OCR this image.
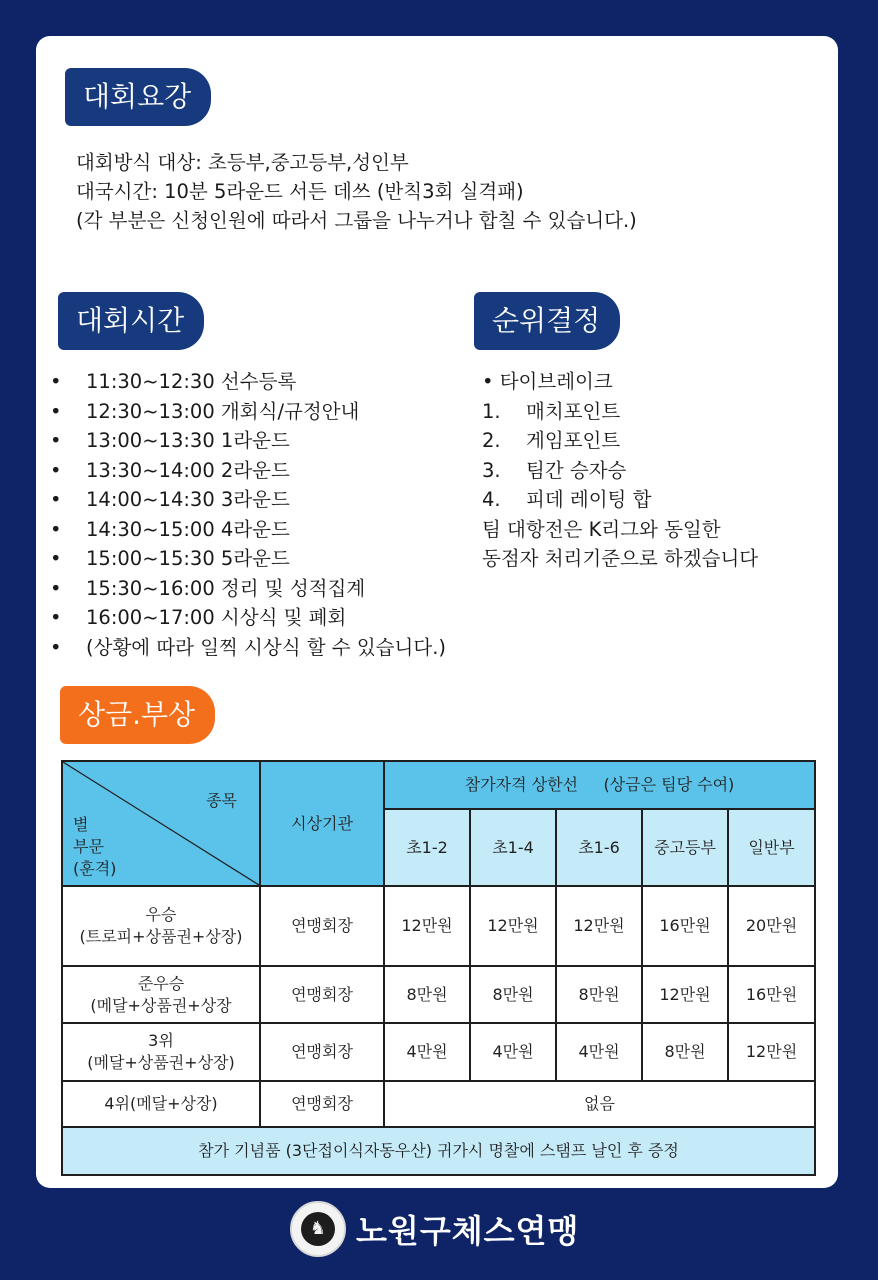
대회요강
대회방식 대상: 초등부,중고등부,성인부
대국시간: 10분 5라운드 서든 데쓰 (반칙3회 실격패)
(각 부분은 신청인원에 따라서 그룹을 나누거나 합칠 수 있습니다.)
대회시간
• 11:30~12:30 선수등록
• 12:30~13:00 개회식/규정안내
• 13:00~13:30 1라운드
• 13:30~14:00 2라운드
• 14:00~14:30 3라운드
• 14:30~15:00 4라운드
• 15:00~15:30 5라운드
• 15:30~16:00 정리 및 성적집계
• 16:00~17:00 시상식 및 폐회
• (상황에 따라 일찍 시상식 할 수 있습니다.)
순위결정
• 타이브레이크
1. 매치포인트
2. 게임포인트
3. 팀간 승자승
4. 피데 레이팅 합
팀 대항전은 K리그와 동일한
동점자 처리기준으로 하겠습니다
상금.부상
종목
별
부문
(훈격)	시상기관	참가자격 상한선     (상금은 팀당 수여)				
		초1-2	초1-4	초1-6	중고등부	일반부
우승
(트로피+상품권+상장)	연맹회장	12만원	12만원	12만원	16만원	20만원
준우승
(메달+상품권+상장	연맹회장	8만원	8만원	8만원	12만원	16만원
3위
(메달+상품권+상장)	연맹회장	4만원	4만원	4만원	8만원	12만원
4위(메달+상장)	연맹회장	없음				
참가 기념품 (3단접이식자동우산) 귀가시 명찰에 스탬프 날인 후 증정						
♞ 노원구체스연맹
